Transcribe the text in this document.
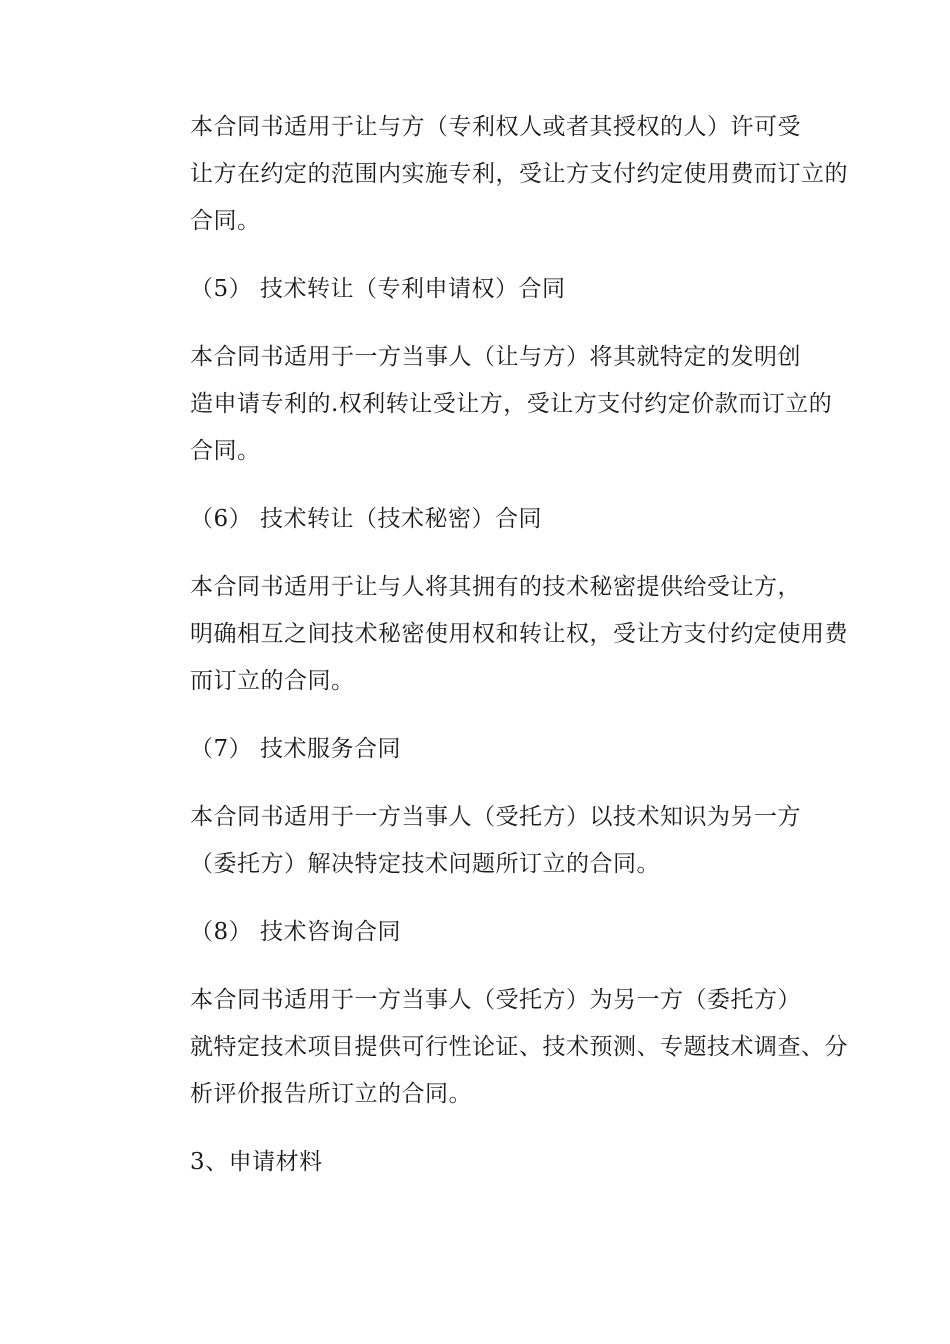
本合同书适用于让与方（专利权人或者其授权的人）许可受
让方在约定的范围内实施专利，受让方支付约定使用费而订立的
合同。

（5） 技术转让（专利申请权）合同

本合同书适用于一方当事人（让与方）将其就特定的发明创
造申请专利的.权利转让受让方，受让方支付约定价款而订立的
合同。

（6） 技术转让（技术秘密）合同

本合同书适用于让与人将其拥有的技术秘密提供给受让方，
明确相互之间技术秘密使用权和转让权，受让方支付约定使用费
而订立的合同。

（7） 技术服务合同

本合同书适用于一方当事人（受托方）以技术知识为另一方
（委托方）解决特定技术问题所订立的合同。

（8） 技术咨询合同

本合同书适用于一方当事人（受托方）为另一方（委托方）
就特定技术项目提供可行性论证、技术预测、专题技术调查、分
析评价报告所订立的合同。

3、申请材料
